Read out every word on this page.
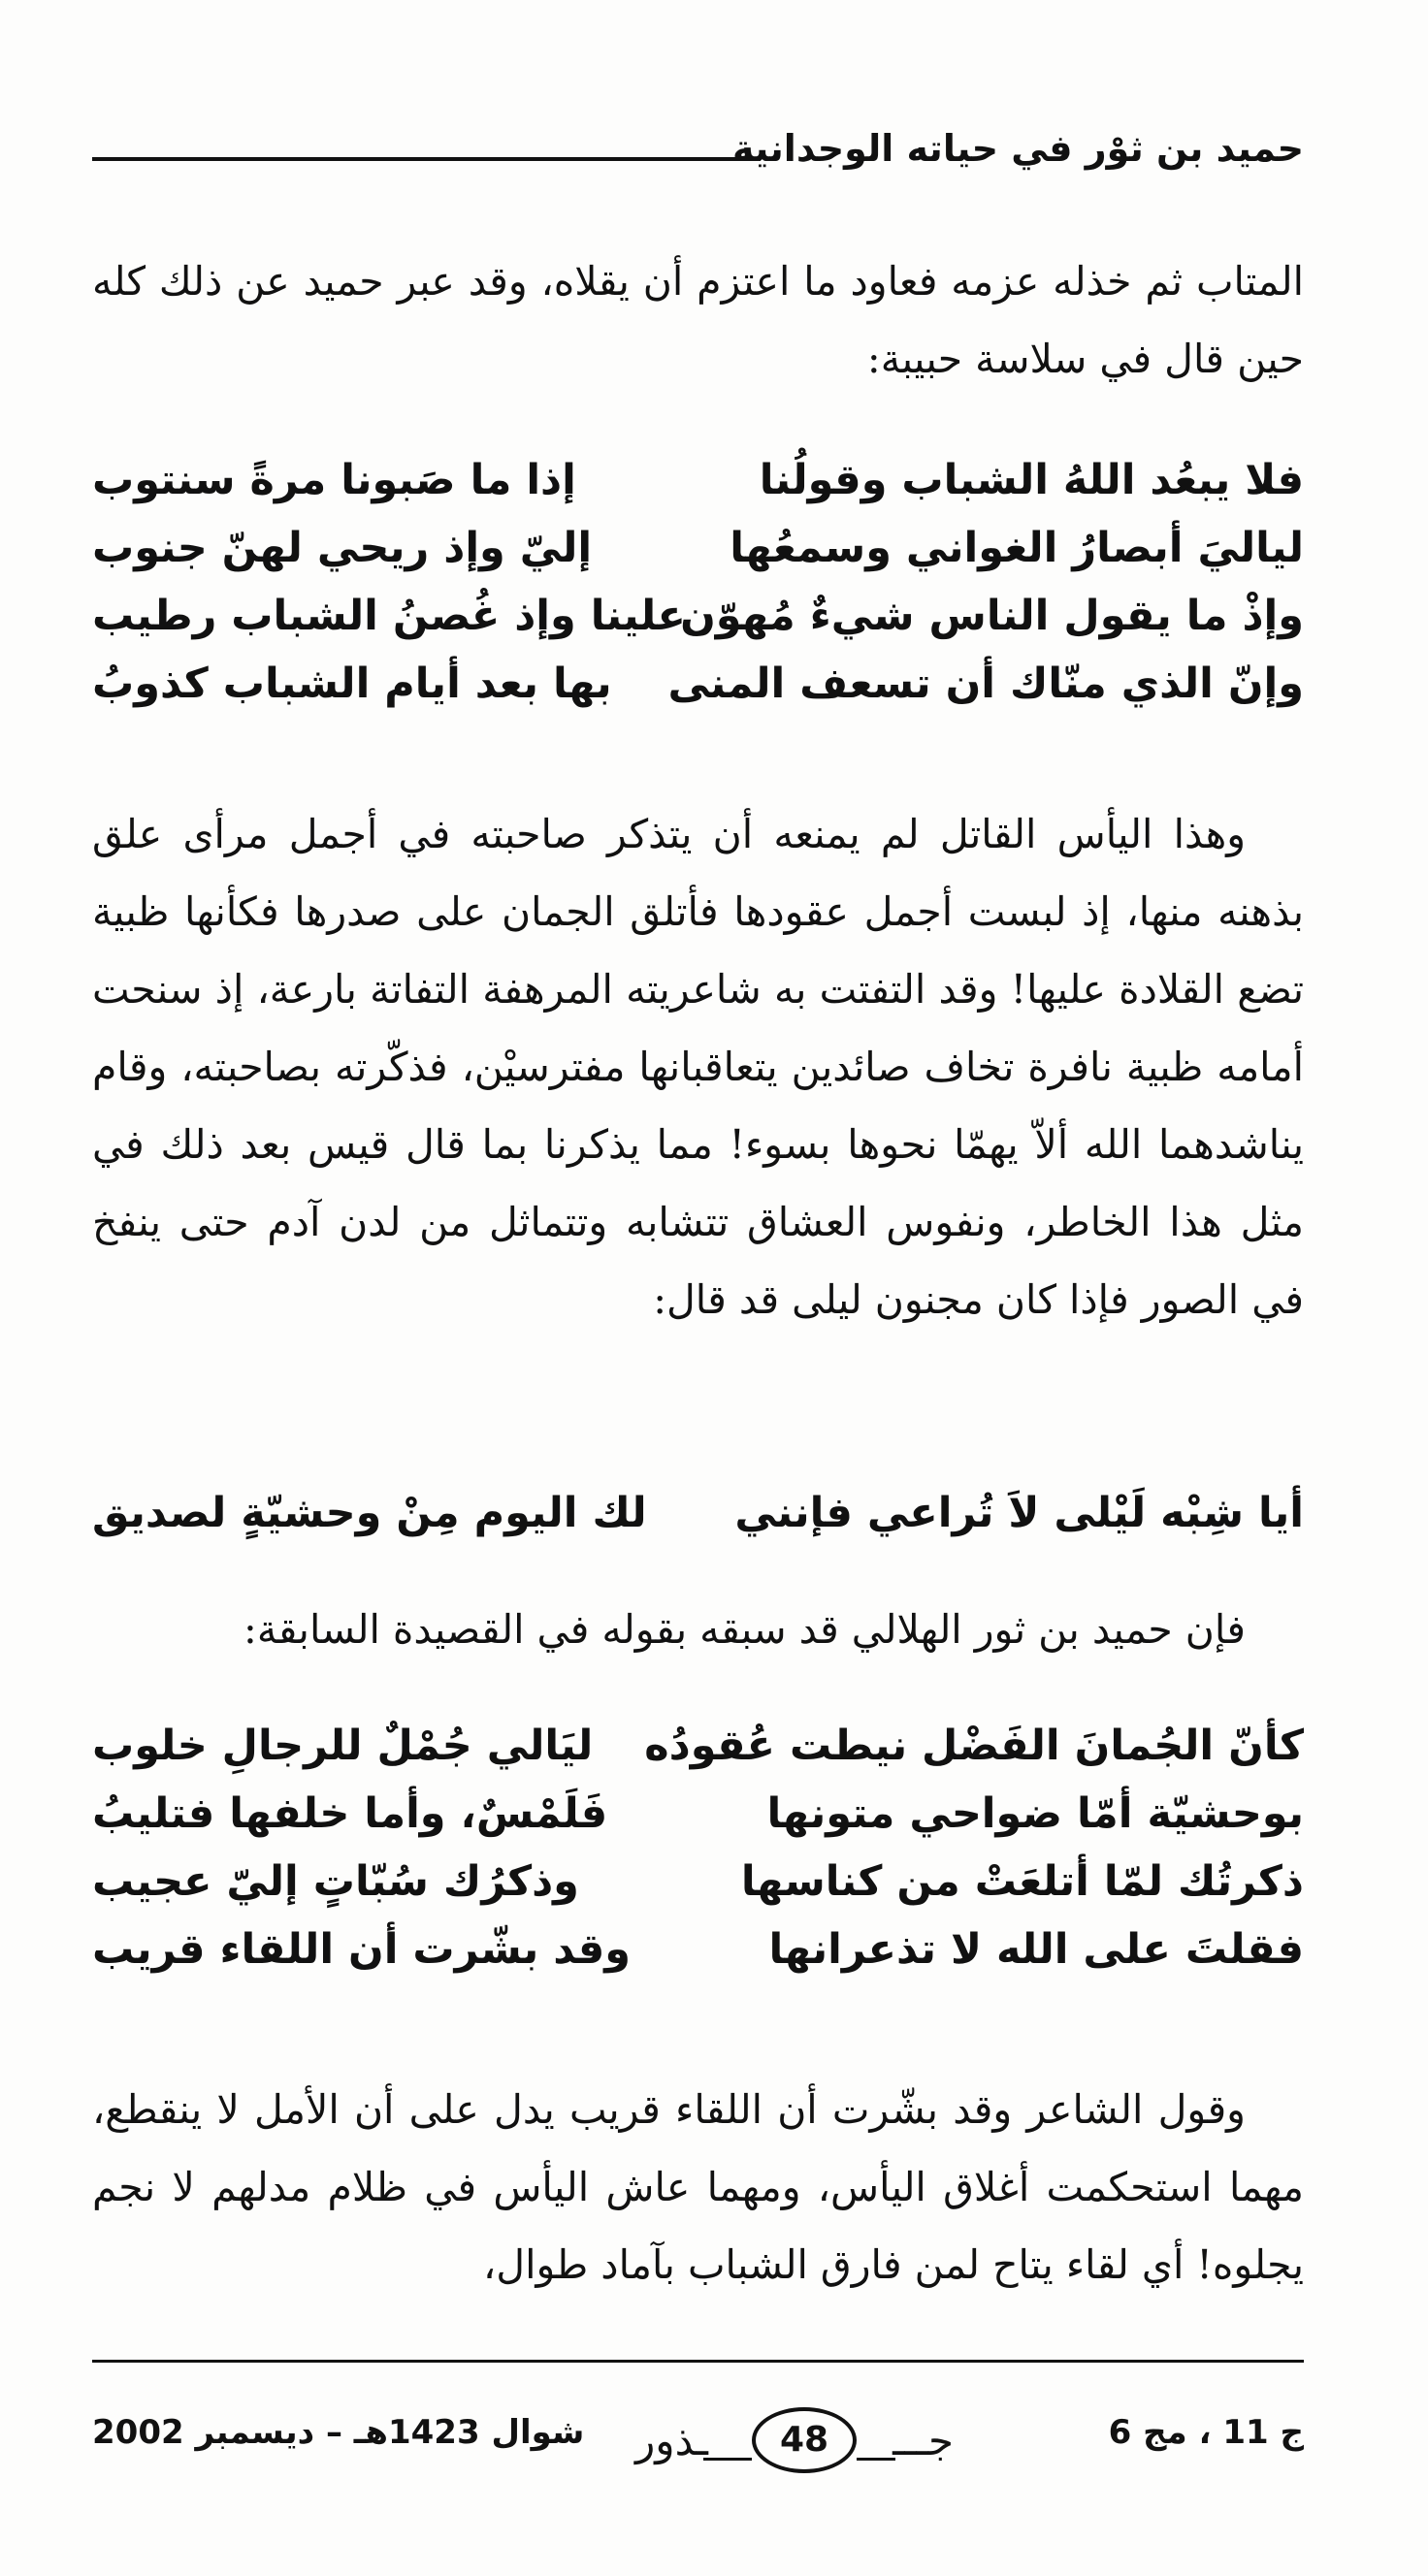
حميد بن ثوْر في حياته الوجدانية

المتاب ثم خذله عزمه فعاود ما اعتزم أن يقلاه، وقد عبر حميد عن ذلك كله حين قال في سلاسة حبيبة:

فلا يبعُد اللهُ الشباب وقولُنا
إذا ما صَبونا مرةً سنتوب
لياليَ أبصارُ الغواني وسمعُها
إليّ وإذ ريحي لهنّ جنوب
وإذْ ما يقول الناس شيءٌ مُهوّن
علينا وإذ غُصنُ الشباب رطيب
وإنّ الذي منّاك أن تسعف المنى
بها بعد أيام الشباب كذوبُ

وهذا اليأس القاتل لم يمنعه أن يتذكر صاحبته في أجمل مرأى علق بذهنه منها، إذ لبست أجمل عقودها فأتلق الجمان على صدرها فكأنها ظبية تضع القلادة عليها! وقد التفتت به شاعريته المرهفة التفاتة بارعة، إذ سنحت أمامه ظبية نافرة تخاف صائدين يتعاقبانها مفترسيْن، فذكّرته بصاحبته، وقام يناشدهما الله ألاّ يهمّا نحوها بسوء! مما يذكرنا بما قال قيس بعد ذلك في مثل هذا الخاطر، ونفوس العشاق تتشابه وتتماثل من لدن آدم حتى ينفخ في الصور فإذا كان مجنون ليلى قد قال:

أيا شِبْه لَيْلى لاَ تُراعي فإنني
لك اليوم مِنْ وحشيّةٍ لصديق

فإن حميد بن ثور الهلالي قد سبقه بقوله في القصيدة السابقة:

كأنّ الجُمانَ الفَضْل نيطت عُقودُه
ليَالي جُمْلٌ للرجالِ خلوب
بوحشيّة أمّا ضواحي متونها
فَلَمْسٌ، وأما خلفها فتليبُ
ذكرتُك لمّا أتلعَتْ من كناسها
وذكرُك سُبّاتٍ إليّ عجيب
فقلتَ على الله لا تذعرانها
وقد بشّرت أن اللقاء قريب

وقول الشاعر وقد بشّرت أن اللقاء قريب يدل على أن الأمل لا ينقطع، مهما استحكمت أغلاق اليأس، ومهما عاش اليأس في ظلام مدلهم لا نجم يجلوه! أي لقاء يتاح لمن فارق الشباب بآماد طوال،

ج 11 ، مج 6
ـذور	48	جـــ
شوال 1423هـ – ديسمبر 2002
